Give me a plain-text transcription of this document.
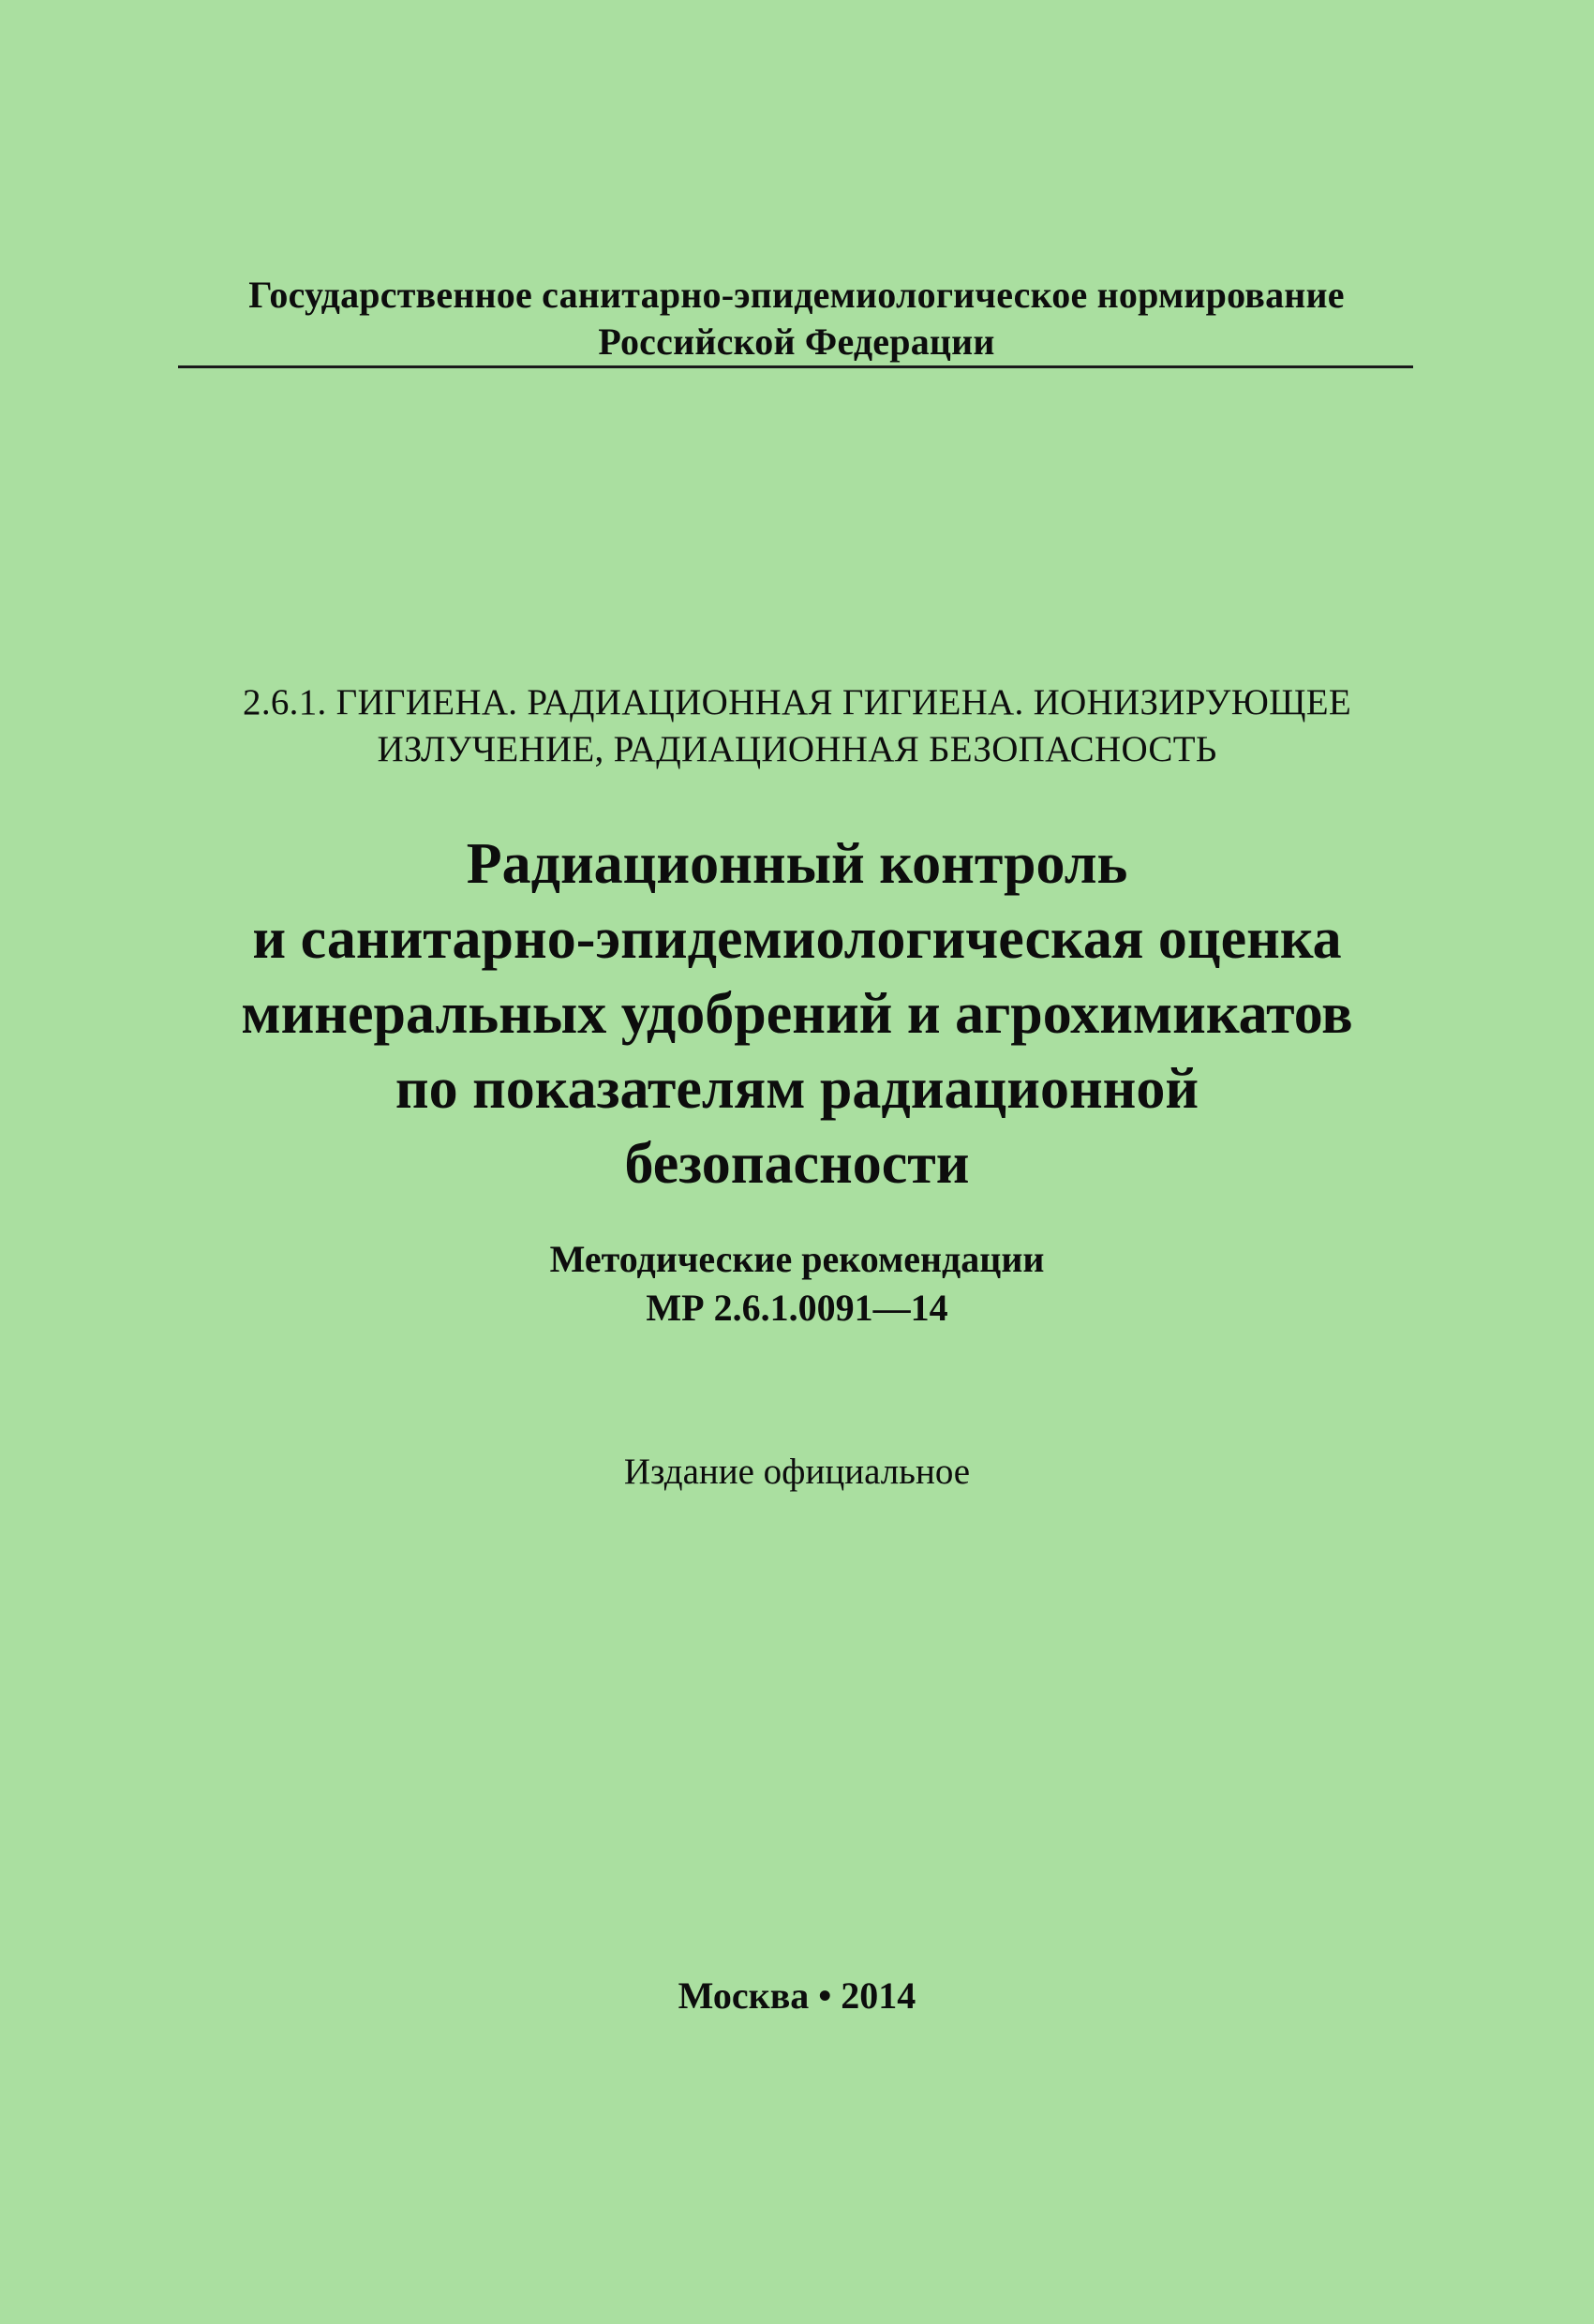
Государственное санитарно-эпидемиологическое нормирование
Российской Федерации
2.6.1. ГИГИЕНА. РАДИАЦИОННАЯ ГИГИЕНА. ИОНИЗИРУЮЩЕЕ
ИЗЛУЧЕНИЕ, РАДИАЦИОННАЯ БЕЗОПАСНОСТЬ
Радиационный контроль
и санитарно-эпидемиологическая оценка
минеральных удобрений и агрохимикатов
по показателям радиационной
безопасности
Методические рекомендации
МР 2.6.1.0091—14
Издание официальное
Москва • 2014
